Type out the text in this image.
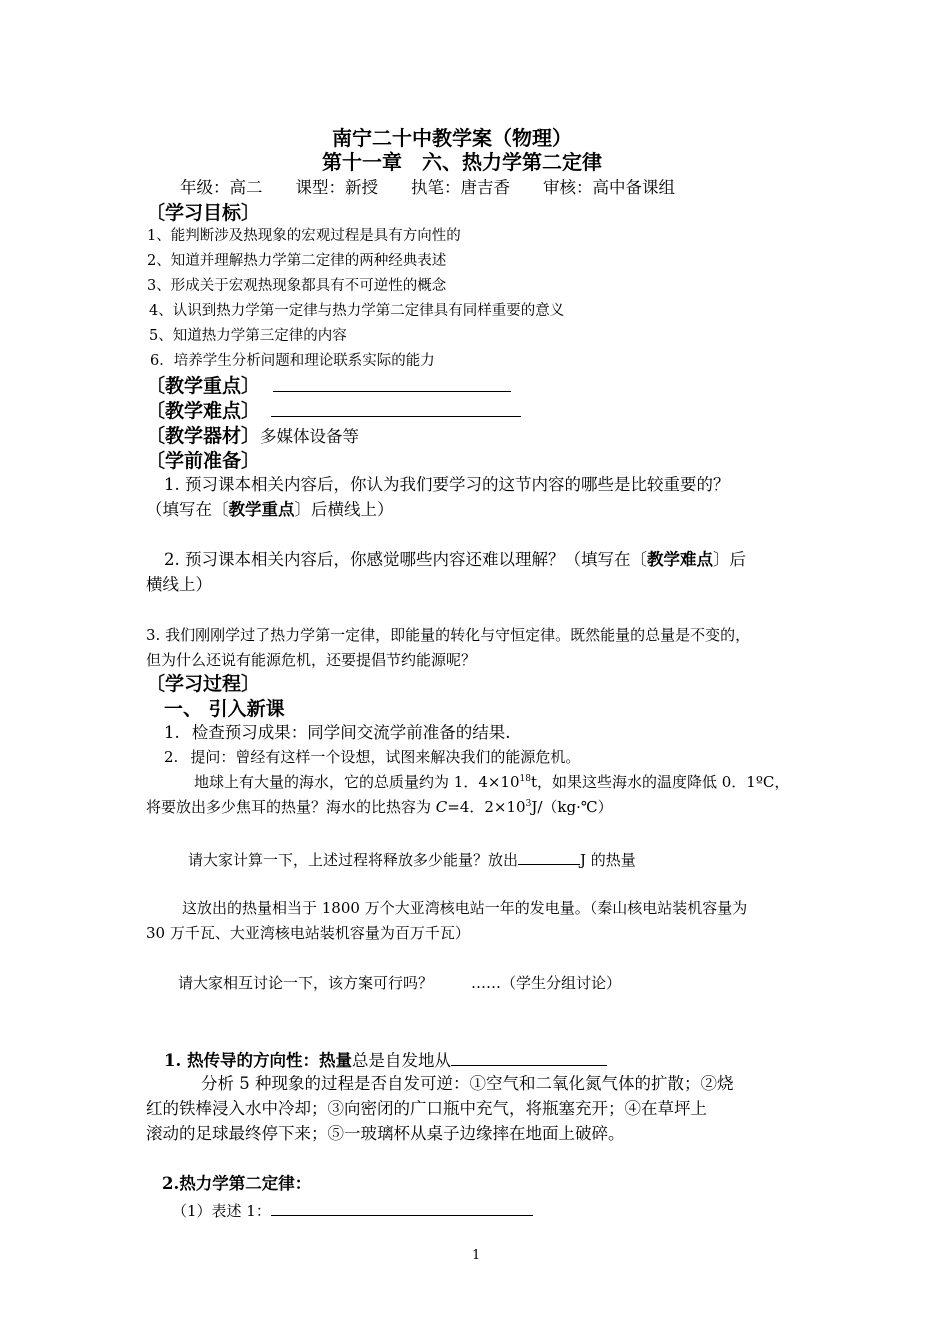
南宁二十中教学案（物理）
第十一章　六、热力学第二定律
年级：高二　　课型：新授　　执笔：唐吉香　　审核：高中备课组
〔学习目标〕
1、能判断涉及热现象的宏观过程是具有方向性的
2、知道并理解热力学第二定律的两种经典表述
3、形成关于宏观热现象都具有不可逆性的概念
4、认识到热力学第一定律与热力学第二定律具有同样重要的意义
5、知道热力学第三定律的内容
6．培养学生分析问题和理论联系实际的能力
〔教学重点〕
〔教学难点〕
〔教学器材〕多媒体设备等
〔学前准备〕
1. 预习课本相关内容后，你认为我们要学习的这节内容的哪些是比较重要的？
（填写在〔教学重点〕后横线上）
2. 预习课本相关内容后，你感觉哪些内容还难以理解？（填写在〔教学难点〕后
横线上）
3. 我们刚刚学过了热力学第一定律，即能量的转化与守恒定律。既然能量的总量是不变的，
但为什么还说有能源危机，还要提倡节约能源呢？
〔学习过程〕
一、 引入新课
1. 检查预习成果：同学间交流学前准备的结果.
2. 提问：曾经有这样一个设想，试图来解决我们的能源危机。
地球上有大量的海水，它的总质量约为 1．$4\times 10^{18}t$，如果这些海水的温度降低 0．1ºC，
将要放出多少焦耳的热量？海水的比热容为 C=4．$2\times 10^3J/(kg\cdot℃)$
请大家计算一下，上述过程将释放多少能量？放出	J 的热量
这放出的热量相当于 1800 万个大亚湾核电站一年的发电量。（秦山核电站装机容量为
30 万千瓦、大亚湾核电站装机容量为百万千瓦）
请大家相互讨论一下，该方案可行吗？	……（学生分组讨论）
1. 热传导的方向性：热量总是自发地从
分析 5 种现象的过程是否自发可逆：①空气和二氧化氮气体的扩散；②烧
红的铁棒浸入水中冷却；③向密闭的广口瓶中充气，将瓶塞充开；④在草坪上
滚动的足球最终停下来；⑤一玻璃杯从桌子边缘摔在地面上破碎。
2.热力学第二定律：
（1）表述 1：
1
